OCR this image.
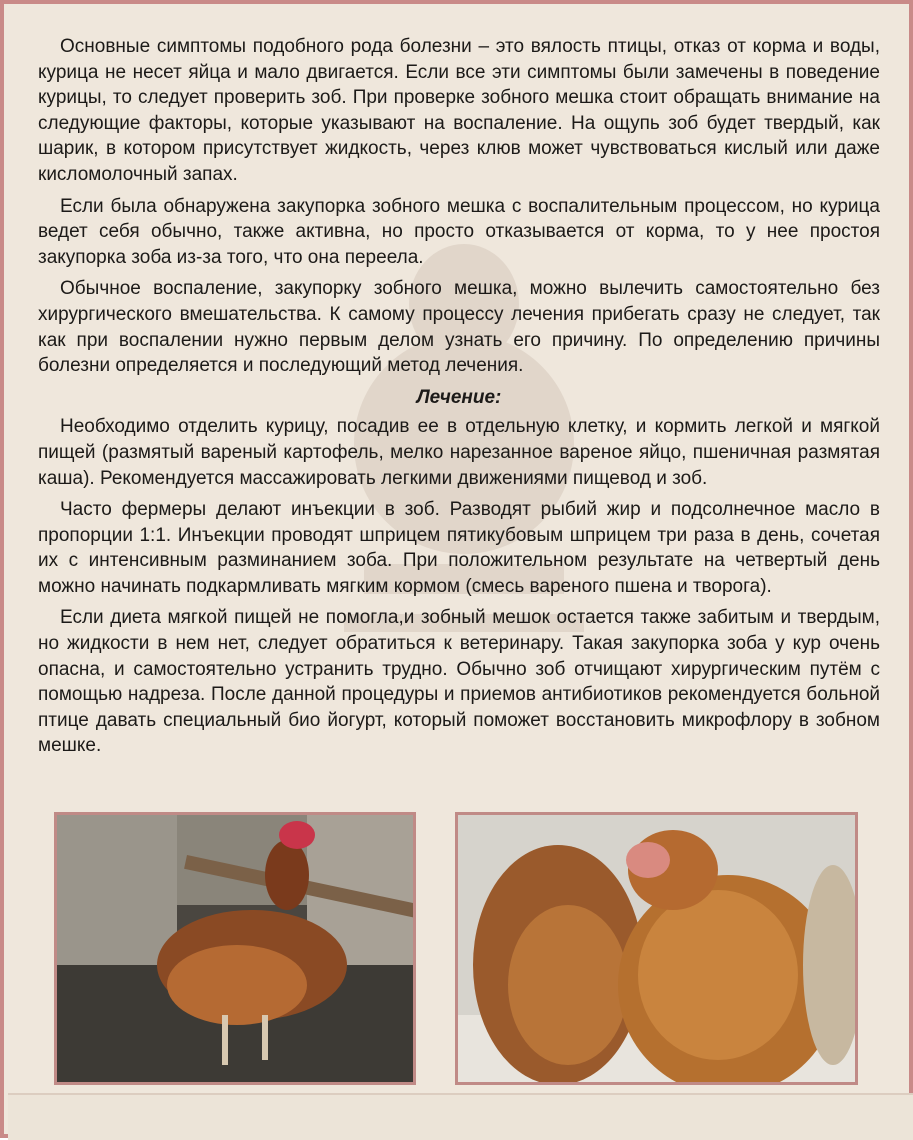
Основные симптомы подобного рода болезни – это вялость птицы, отказ от корма и воды, курица не несет яйца и мало двигается. Если все эти симптомы были замечены в поведение курицы, то следует проверить зоб. При проверке зобного мешка стоит обращать внимание на следующие факторы, которые указывают на воспаление. На ощупь зоб будет твердый, как шарик, в котором присутствует жидкость, через клюв может чувствоваться кислый или даже кисломолочный запах.

Если была обнаружена закупорка зобного мешка с воспалительным процессом, но курица ведет себя обычно, также активна, но просто отказывается от корма, то у нее простоя закупорка зоба из-за того, что она переела.

Обычное воспаление, закупорку зобного мешка, можно вылечить самостоятельно без хирургического вмешательства. К самому процессу лечения прибегать сразу не следует, так как при воспалении нужно первым делом узнать его причину. По определению причины болезни определяется и последующий метод лечения.

Лечение:

Необходимо отделить курицу, посадив ее в отдельную клетку, и кормить легкой и мягкой пищей (размятый вареный картофель, мелко нарезанное вареное яйцо, пшеничная размятая каша). Рекомендуется массажировать легкими движениями пищевод и зоб.

Часто фермеры делают инъекции в зоб. Разводят рыбий жир и подсолнечное масло в пропорции 1:1. Инъекции проводят шприцем пятикубовым шприцем три раза в день, сочетая их с интенсивным разминанием зоба. При положительном результате на четвертый день можно начинать подкармливать мягким кормом (смесь вареного пшена и творога).

Если диета мягкой пищей не помогла,и зобный мешок остается также забитым и твердым, но жидкости в нем нет, следует обратиться к ветеринару. Такая закупорка зоба у кур очень опасна, и самостоятельно устранить трудно. Обычно зоб отчищают хирургическим путём с помощью надреза. После данной процедуры и приемов антибиотиков рекомендуется больной птице давать специальный био йогурт, который поможет восстановить микрофлору в зобном мешке.
